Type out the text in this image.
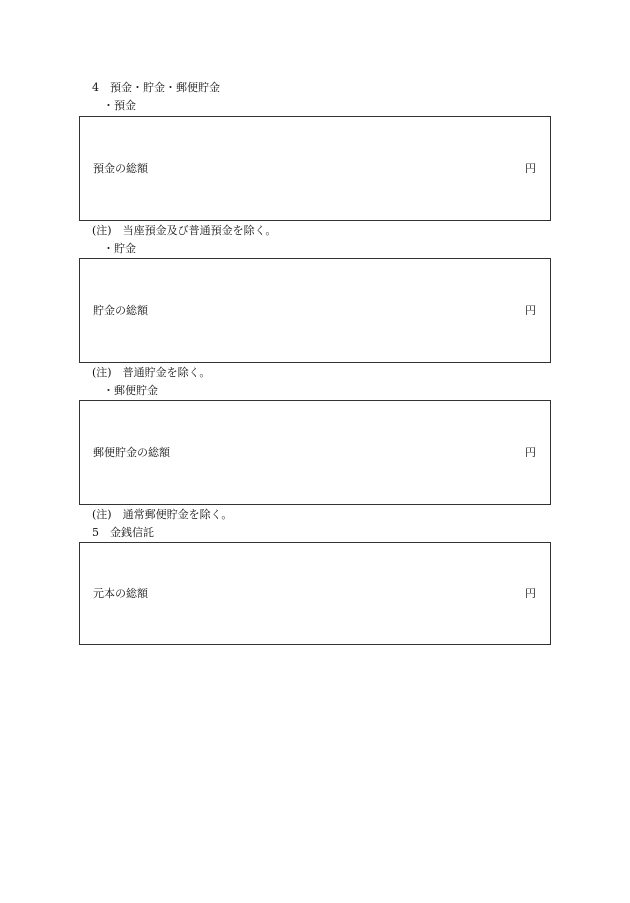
4　預金・貯金・郵便貯金
・預金
預金の総額	円
(注)　当座預金及び普通預金を除く。
・貯金
貯金の総額	円
(注)　普通貯金を除く。
・郵便貯金
郵便貯金の総額	円
(注)　通常郵便貯金を除く。
5　金銭信託
元本の総額	円
